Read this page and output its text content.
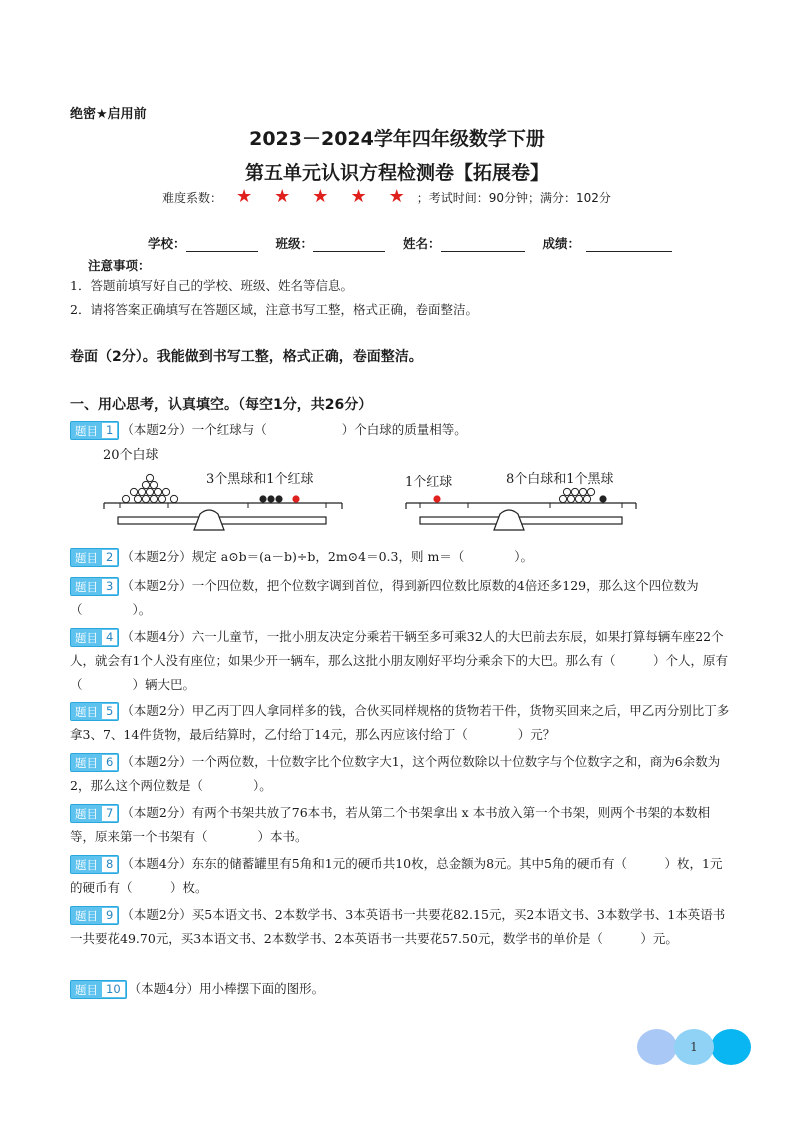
绝密★启用前
2023－2024学年四年级数学下册
第五单元认识方程检测卷【拓展卷】
难度系数： ★ ★ ★ ★ ★ ；考试时间：90分钟；满分：102分
学校：	班级：	姓名：	成绩：
注意事项：
1．答题前填写好自己的学校、班级、姓名等信息。
2．请将答案正确填写在答题区域，注意书写工整，格式正确，卷面整洁。
卷面（2分）。我能做到书写工整，格式正确，卷面整洁。
一、用心思考，认真填空。（每空1分，共26分）
题目 1 （本题2分）一个红球与（　　　　　　）个白球的质量相等。
20个白球
3个黑球和1个红球	1个红球	8个白球和1个黑球
题目 2 （本题2分）规定 a⊙b＝(a－b)÷b，2m⊙4＝0.3，则 m＝（　　　　）。
题目 3 （本题2分）一个四位数，把个位数字调到首位，得到新四位数比原数的4倍还多129，那么这个四位数为（　　　　）。
题目 4 （本题4分）六一儿童节，一批小朋友决定分乘若干辆至多可乘32人的大巴前去东辰，如果打算每辆车座22个人，就会有1个人没有座位；如果少开一辆车，那么这批小朋友刚好平均分乘余下的大巴。那么有（　　　）个人，原有（　　　　）辆大巴。
题目 5 （本题2分）甲乙丙丁四人拿同样多的钱，合伙买同样规格的货物若干件，货物买回来之后，甲乙丙分别比丁多拿3、7、14件货物，最后结算时，乙付给丁14元，那么丙应该付给丁（　　　　）元？
题目 6 （本题2分）一个两位数，十位数字比个位数字大1，这个两位数除以十位数字与个位数字之和，商为6余数为2，那么这个两位数是（　　　　）。
题目 7 （本题2分）有两个书架共放了76本书，若从第二个书架拿出 x 本书放入第一个书架，则两个书架的本数相等，原来第一个书架有（　　　　）本书。
题目 8 （本题4分）东东的储蓄罐里有5角和1元的硬币共10枚，总金额为8元。其中5角的硬币有（　　　）枚，1元的硬币有（　　　）枚。
题目 9 （本题2分）买5本语文书、2本数学书、3本英语书一共要花82.15元，买2本语文书、3本数学书、1本英语书一共要花49.70元，买3本语文书、2本数学书、2本英语书一共要花57.50元，数学书的单价是（　　　）元。
题目 10 （本题4分）用小棒摆下面的图形。
1
